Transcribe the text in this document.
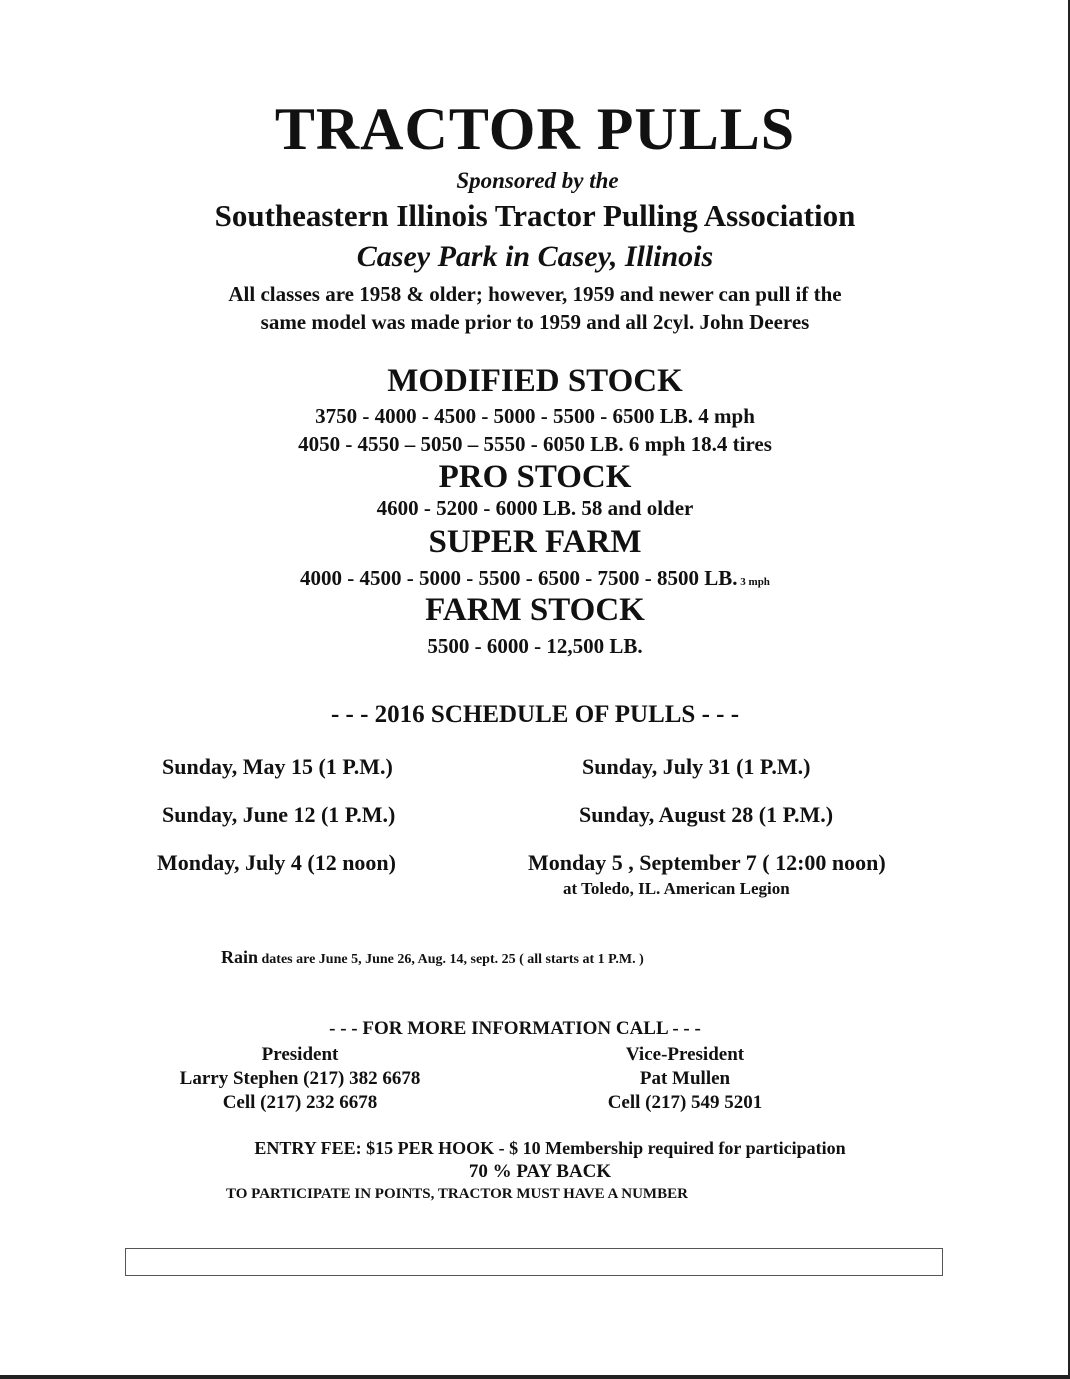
TRACTOR PULLS
Sponsored by the
Southeastern Illinois Tractor Pulling Association
Casey Park in Casey, Illinois
All classes are 1958 & older; however, 1959 and newer can pull if the
same model was made prior to 1959 and all 2cyl. John Deeres
MODIFIED STOCK
3750 - 4000 - 4500 - 5000 - 5500 - 6500 LB. 4 mph
4050 - 4550 – 5050 – 5550 - 6050 LB. 6 mph 18.4 tires
PRO STOCK
4600 - 5200 - 6000 LB. 58 and older
SUPER FARM
4000 - 4500 - 5000 - 5500 - 6500 - 7500 - 8500 LB. 3 mph
FARM STOCK
5500 - 6000 - 12,500 LB.
- - - 2016 SCHEDULE OF PULLS - - -
Sunday, May 15 (1 P.M.)
Sunday, June 12 (1 P.M.)
Monday, July 4 (12 noon)
Sunday, July 31 (1 P.M.)
Sunday, August 28 (1 P.M.)
Monday 5 , September 7 ( 12:00 noon)
at Toledo, IL. American Legion
Rain dates are June 5, June 26, Aug. 14, sept. 25 ( all starts at 1 P.M. )
- - - FOR MORE INFORMATION CALL - - -
President
Larry Stephen (217) 382 6678
Cell (217) 232 6678
Vice-President
Pat Mullen
Cell (217) 549 5201
ENTRY FEE: $15 PER HOOK - $ 10 Membership required for participation
70 % PAY BACK
TO PARTICIPATE IN POINTS, TRACTOR MUST HAVE A NUMBER
